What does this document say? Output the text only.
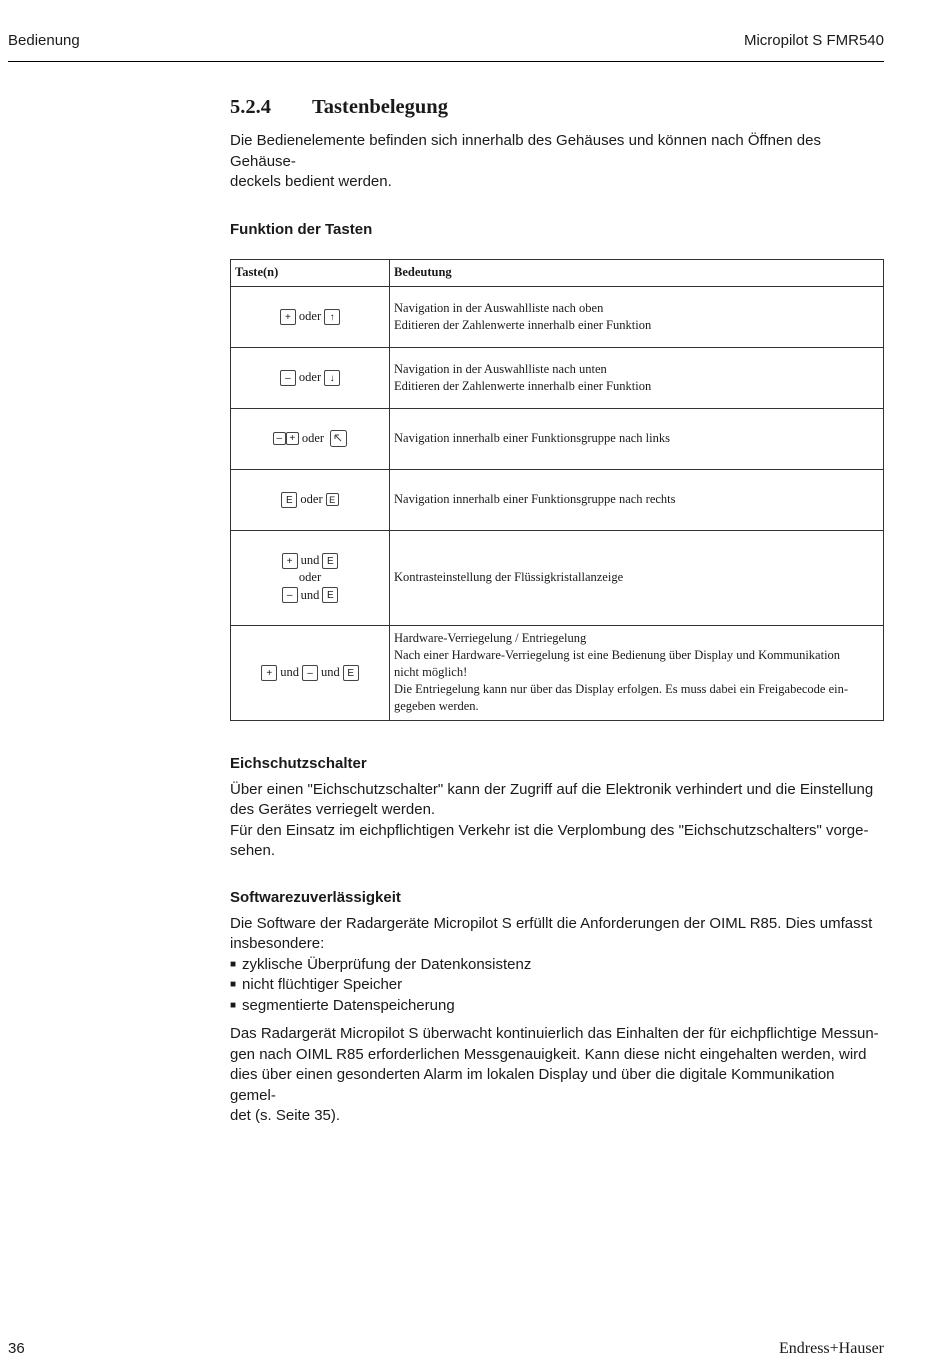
Bedienung	Micropilot S FMR540
5.2.4 Tastenbelegung

Die Bedienelemente befinden sich innerhalb des Gehäuses und können nach Öffnen des Gehäuse-
deckels bedient werden.

Funktion der Tasten
Taste(n)	Bedeutung
+ oder ↑	Navigation in der Auswahlliste nach oben
Editieren der Zahlenwerte innerhalb einer Funktion
– oder ↓	Navigation in der Auswahlliste nach unten
Editieren der Zahlenwerte innerhalb einer Funktion
– + oder	Navigation innerhalb einer Funktionsgruppe nach links
E oder E	Navigation innerhalb einer Funktionsgruppe nach rechts
+ und E
oder
– und E	Kontrasteinstellung der Flüssigkristallanzeige
+ und – und E	Hardware-Verriegelung / Entriegelung
Nach einer Hardware-Verriegelung ist eine Bedienung über Display und Kommunikation
nicht möglich!
Die Entriegelung kann nur über das Display erfolgen. Es muss dabei ein Freigabecode ein-
gegeben werden.
Eichschutzschalter

Über einen "Eichschutzschalter" kann der Zugriff auf die Elektronik verhindert und die Einstellung
des Gerätes verriegelt werden.
Für den Einsatz im eichpflichtigen Verkehr ist die Verplombung des "Eichschutzschalters" vorge-
sehen.

Softwarezuverlässigkeit

Die Software der Radargeräte Micropilot S erfüllt die Anforderungen der OIML R85. Dies umfasst
insbesondere:

■ zyklische Überprüfung der Datenkonsistenz
■ nicht flüchtiger Speicher
■ segmentierte Datenspeicherung

Das Radargerät Micropilot S überwacht kontinuierlich das Einhalten der für eichpflichtige Messun-
gen nach OIML R85 erforderlichen Messgenauigkeit. Kann diese nicht eingehalten werden, wird
dies über einen gesonderten Alarm im lokalen Display und über die digitale Kommunikation gemel-
det (s. Seite 35).

36	Endress+Hauser
